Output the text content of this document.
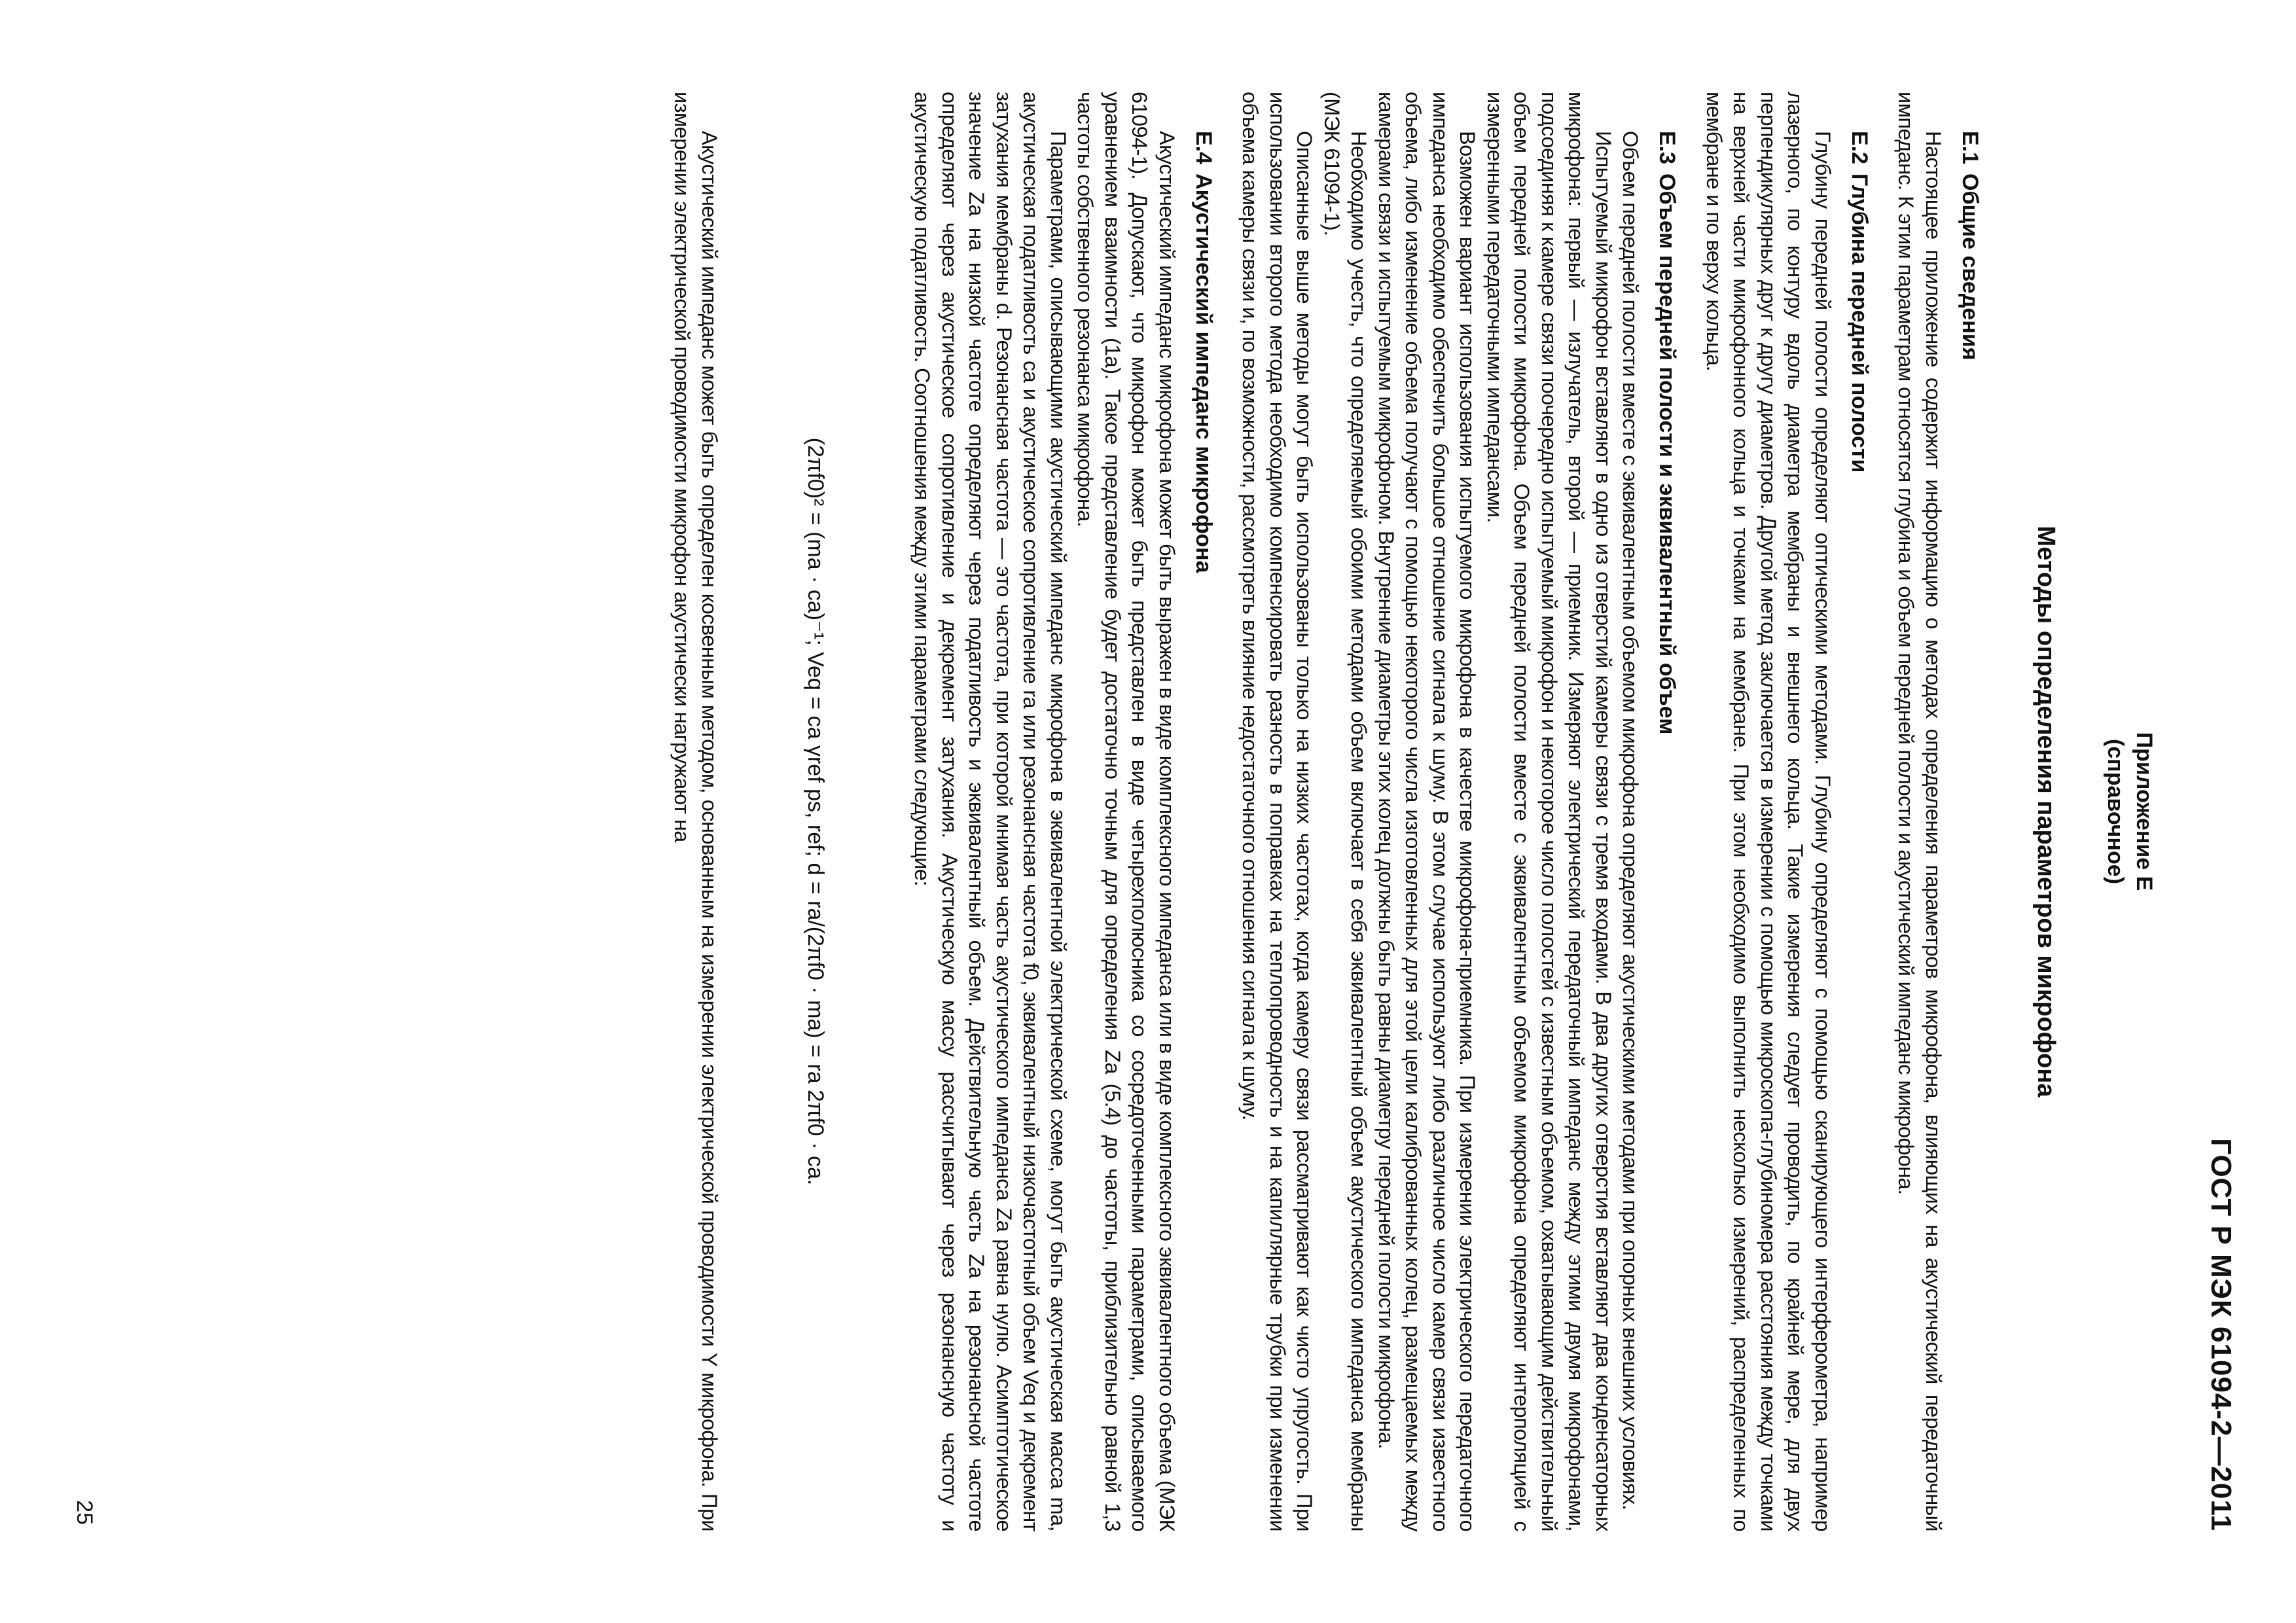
ГОСТ Р МЭК 61094-2—2011
Приложение Е
(справочное)
Методы определения параметров микрофона
Е.1Общие сведения

Настоящее приложение содержит информацию о методах определения параметров микрофона, влияющих на акустический передаточный импеданс. К этим параметрам относятся глубина и объем передней полости и акустический импеданс микрофона.

Е.2Глубина передней полости

Глубину передней полости определяют оптическими методами. Глубину определяют с помощью сканирующего интерферометра, например лазерного, по контуру вдоль диаметра мембраны и внешнего кольца. Такие измерения следует проводить, по крайней мере, для двух перпендикулярных друг к другу диаметров. Другой метод заключается в измерении с помощью микроскопа-глубиномера расстояния между точками на верхней части микрофонного кольца и точками на мембране. При этом необходимо выполнить несколько измерений, распределенных по мембране и по верху кольца.

Е.3Объем передней полости и эквивалентный объем

Объем передней полости вместе с эквивалентным объемом микрофона определяют акустическими методами при опорных внешних условиях.

Испытуемый микрофон вставляют в одно из отверстий камеры связи с тремя входами. В два других отверстия вставляют два конденсаторных микрофона: первый — излучатель, второй — приемник. Измеряют электрический передаточный импеданс между этими двумя микрофонами, подсоединяя к камере связи поочередно испытуемый микрофон и некоторое число полостей с известным объемом, охватывающим действительный объем передней полости микрофона. Объем передней полости вместе с эквивалентным объемом микрофона определяют интерполяцией с измеренными передаточными импедансами.

Возможен вариант использования испытуемого микрофона в качестве микрофона-приемника. При измерении электрического передаточного импеданса необходимо обеспечить большое отношение сигнала к шуму. В этом случае используют либо различное число камер связи известного объема, либо изменение объема получают с помощью некоторого числа изготовленных для этой цели калиброванных колец, размещаемых между камерами связи и испытуемым микрофоном. Внутренние диаметры этих колец должны быть равны диаметру передней полости микрофона.

Необходимо учесть, что определяемый обоими методами объем включает в себя эквивалентный объем акустического импеданса мембраны (МЭК 61094-1).

Описанные выше методы могут быть использованы только на низких частотах, когда камеру связи рассматривают как чисто упругость. При использовании второго метода необходимо компенсировать разность в поправках на теплопроводность и на капиллярные трубки при изменении объема камеры связи и, по возможности, рассмотреть влияние недостаточного отношения сигнала к шуму.

Е.4Акустический импеданс микрофона

Акустический импеданс микрофона может быть выражен в виде комплексного импеданса или в виде комплексного эквивалентного объема (МЭК 61094-1). Допускают, что микрофон может быть представлен в виде четырехполюсника со сосредоточенными параметрами, описываемого уравнением взаимности (1а). Такое представление будет достаточно точным для определения Za (5.4) до частоты, приблизительно равной 1,3 частоты собственного резонанса микрофона.

Параметрами, описывающими акустический импеданс микрофона в эквивалентной электрической схеме, могут быть акустическая масса ma, акустическая податливость ca и акустическое сопротивление ra или резонансная частота f0, эквивалентный низкочастотный объем Veq и декремент затухания мембраны d. Резонансная частота — это частота, при которой мнимая часть акустического импеданса Za равна нулю. Асимптотическое значение Za на низкой частоте определяют через податливость и эквивалентный объем. Действительную часть Za на резонансной частоте определяют через акустическое сопротивление и декремент затухания. Акустическую массу рассчитывают через резонансную частоту и акустическую податливость. Соотношения между этими параметрами следующие:

(2πf0)² = (ma · ca)⁻¹; Veq = ca γref ps, ref; d = ra/(2πf0 · ma) = ra 2πf0 · ca.

Акустический импеданс может быть определен косвенным методом, основанным на измерении электрической проводимости Y микрофона. При измерении электрической проводимости микрофон акустически нагружают на

25
